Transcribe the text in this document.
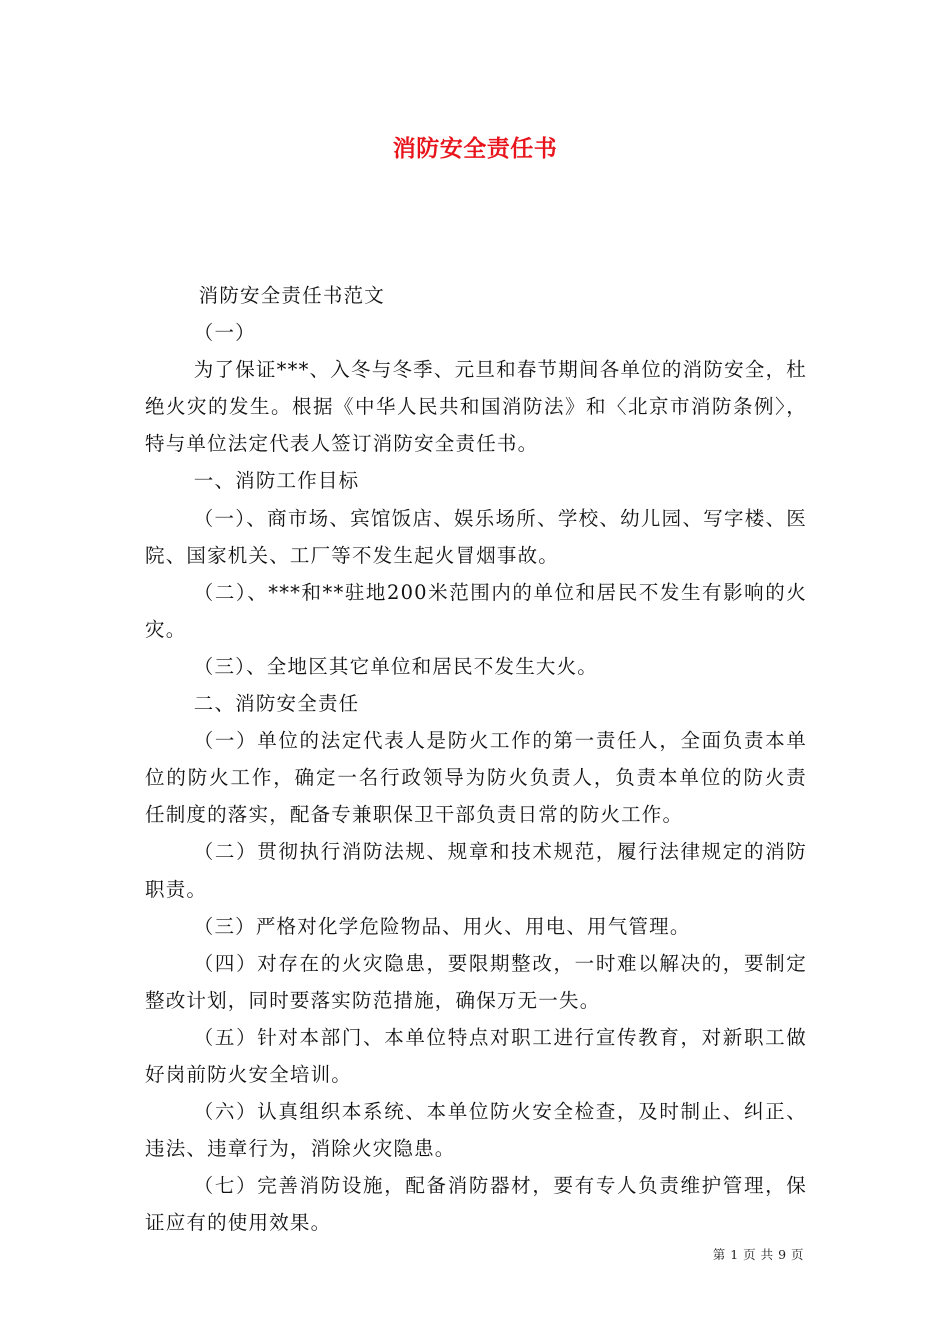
消防安全责任书

消防安全责任书范文

（一）

为了保证***、入冬与冬季、元旦和春节期间各单位的消防安全，杜绝火灾的发生。根据《中华人民共和国消防法》和〈北京市消防条例〉，特与单位法定代表人签订消防安全责任书。

一、消防工作目标

（一）、商市场、宾馆饭店、娱乐场所、学校、幼儿园、写字楼、医院、国家机关、工厂等不发生起火冒烟事故。

（二）、***和**驻地200米范围内的单位和居民不发生有影响的火灾。

（三）、全地区其它单位和居民不发生大火。

二、消防安全责任

（一）单位的法定代表人是防火工作的第一责任人，全面负责本单位的防火工作，确定一名行政领导为防火负责人，负责本单位的防火责任制度的落实，配备专兼职保卫干部负责日常的防火工作。

（二）贯彻执行消防法规、规章和技术规范，履行法律规定的消防职责。

（三）严格对化学危险物品、用火、用电、用气管理。

（四）对存在的火灾隐患，要限期整改，一时难以解决的，要制定整改计划，同时要落实防范措施，确保万无一失。

（五）针对本部门、本单位特点对职工进行宣传教育，对新职工做好岗前防火安全培训。

（六）认真组织本系统、本单位防火安全检查，及时制止、纠正、违法、违章行为，消除火灾隐患。

（七）完善消防设施，配备消防器材，要有专人负责维护管理，保证应有的使用效果。

第 1 页 共 9 页
